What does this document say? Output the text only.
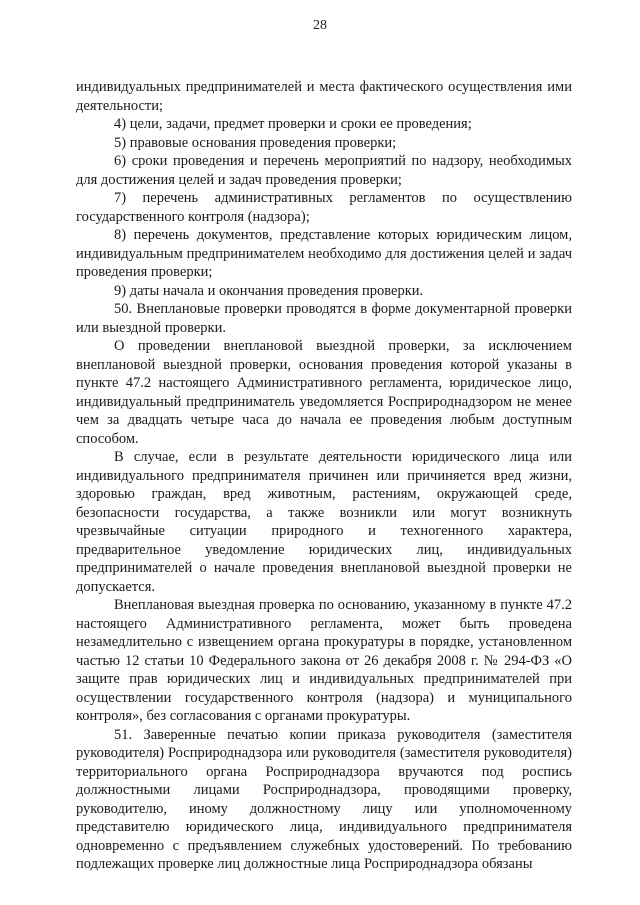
28

индивидуальных предпринимателей и места фактического осуществления ими деятельности;

4) цели, задачи, предмет проверки и сроки ее проведения;

5) правовые основания проведения проверки;

6) сроки проведения и перечень мероприятий по надзору, необходимых для достижения целей и задач проведения проверки;

7) перечень административных регламентов по осуществлению государственного контроля (надзора);

8) перечень документов, представление которых юридическим лицом, индивидуальным предпринимателем необходимо для достижения целей и задач проведения проверки;

9) даты начала и окончания проведения проверки.

50. Внеплановые проверки проводятся в форме документарной проверки или выездной проверки.

О проведении внеплановой выездной проверки, за исключением внеплановой выездной проверки, основания проведения которой указаны в пункте 47.2 настоящего Административного регламента, юридическое лицо, индивидуальный предприниматель уведомляется Росприроднадзором не менее чем за двадцать четыре часа до начала ее проведения любым доступным способом.

В случае, если в результате деятельности юридического лица или индивидуального предпринимателя причинен или причиняется вред жизни, здоровью граждан, вред животным, растениям, окружающей среде, безопасности государства, а также возникли или могут возникнуть чрезвычайные ситуации природного и техногенного характера, предварительное уведомление юридических лиц, индивидуальных предпринимателей о начале проведения внеплановой выездной проверки не допускается.

Внеплановая выездная проверка по основанию, указанному в пункте 47.2 настоящего Административного регламента, может быть проведена незамедлительно с извещением органа прокуратуры в порядке, установленном частью 12 статьи 10 Федерального закона от 26 декабря 2008 г. № 294-ФЗ «О защите прав юридических лиц и индивидуальных предпринимателей при осуществлении государственного контроля (надзора) и муниципального контроля», без согласования с органами прокуратуры.

51. Заверенные печатью копии приказа руководителя (заместителя руководителя) Росприроднадзора или руководителя (заместителя руководителя) территориального органа Росприроднадзора вручаются под роспись должностными лицами Росприроднадзора, проводящими проверку, руководителю, иному должностному лицу или уполномоченному представителю юридического лица, индивидуального предпринимателя одновременно с предъявлением служебных удостоверений. По требованию подлежащих проверке лиц должностные лица Росприроднадзора обязаны
